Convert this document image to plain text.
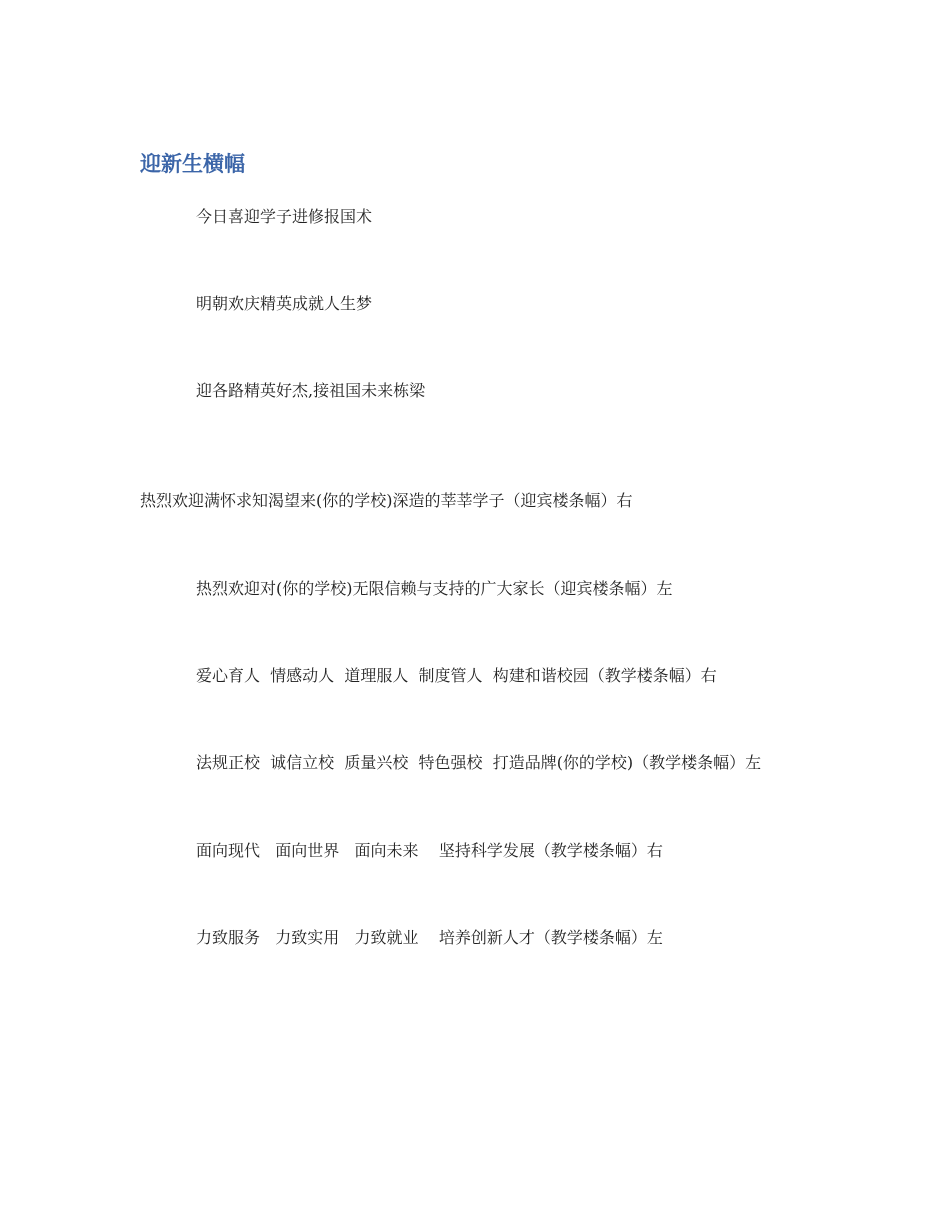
迎新生横幅

今日喜迎学子进修报国术

明朝欢庆精英成就人生梦

迎各路精英好杰,接祖国未来栋梁

热烈欢迎满怀求知渴望来(你的学校)深造的莘莘学子（迎宾楼条幅）右

热烈欢迎对(你的学校)无限信赖与支持的广大家长（迎宾楼条幅）左

爱心育人  情感动人  道理服人  制度管人  构建和谐校园（教学楼条幅）右

法规正校  诚信立校  质量兴校  特色强校  打造品牌(你的学校)（教学楼条幅）左

面向现代   面向世界   面向未来    坚持科学发展（教学楼条幅）右

力致服务   力致实用   力致就业    培养创新人才（教学楼条幅）左
